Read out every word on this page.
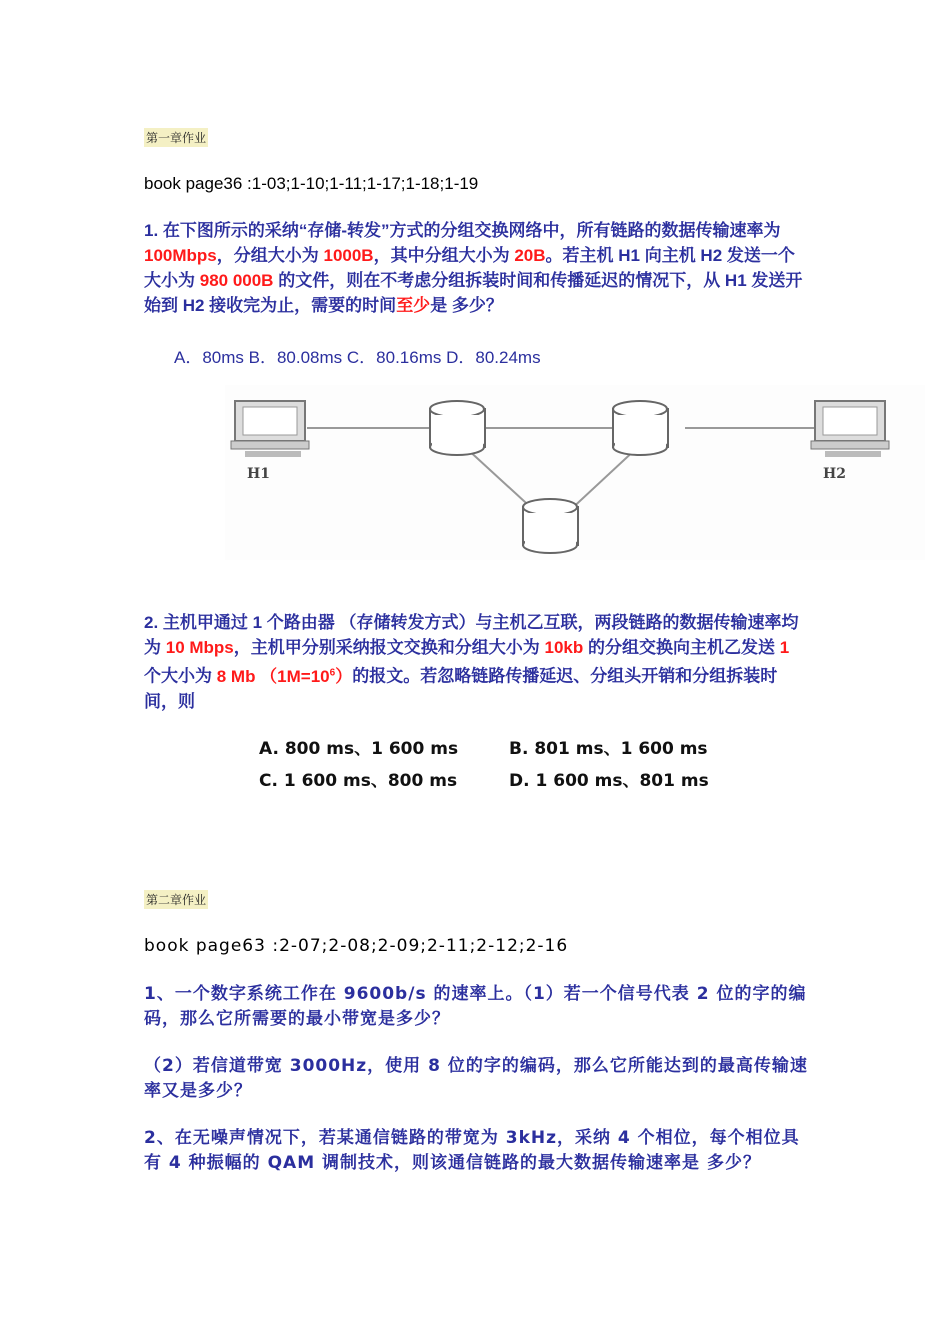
第一章作业
book page36 :1-03;1-10;1-11;1-17;1-18;1-19
1. 在下图所示的采纳“存储-转发”方式的分组交换网络中，所有链路的数据传输速率为 100Mbps，分组大小为 1000B，其中分组大小为 20B。若主机 H1 向主机 H2 发送一个大小为 980 000B 的文件，则在不考虑分组拆装时间和传播延迟的情况下，从 H1 发送开始到 H2 接收完为止，需要的时间至少是 多少？
A．80ms B．80.08ms C．80.16ms D．80.24ms
H1	H2
2. 主机甲通过 1 个路由器 （存储转发方式）与主机乙互联，两段链路的数据传输速率均为 10 Mbps，主机甲分别采纳报文交换和分组大小为 10kb 的分组交换向主机乙发送 1 个大小为 8 Mb $(1M=10^6)$的报文。若忽略链路传播延迟、分组头开销和分组拆装时间，则
A. 800 ms、1 600 ms	B. 801 ms、1 600 ms
C. 1 600 ms、800 ms	D. 1 600 ms、801 ms
第二章作业
book page63 :2-07;2-08;2-09;2-11;2-12;2-16
1、一个数字系统工作在 9600b/s 的速率上。（1）若一个信号代表 2 位的字的编码，那么它所需要的最小带宽是多少？
（2）若信道带宽 3000Hz，使用 8 位的字的编码，那么它所能达到的最高传输速率又是多少？
2、在无噪声情况下，若某通信链路的带宽为 3kHz，采纳 4 个相位，每个相位具有 4 种振幅的 QAM 调制技术，则该通信链路的最大数据传输速率是 多少？
